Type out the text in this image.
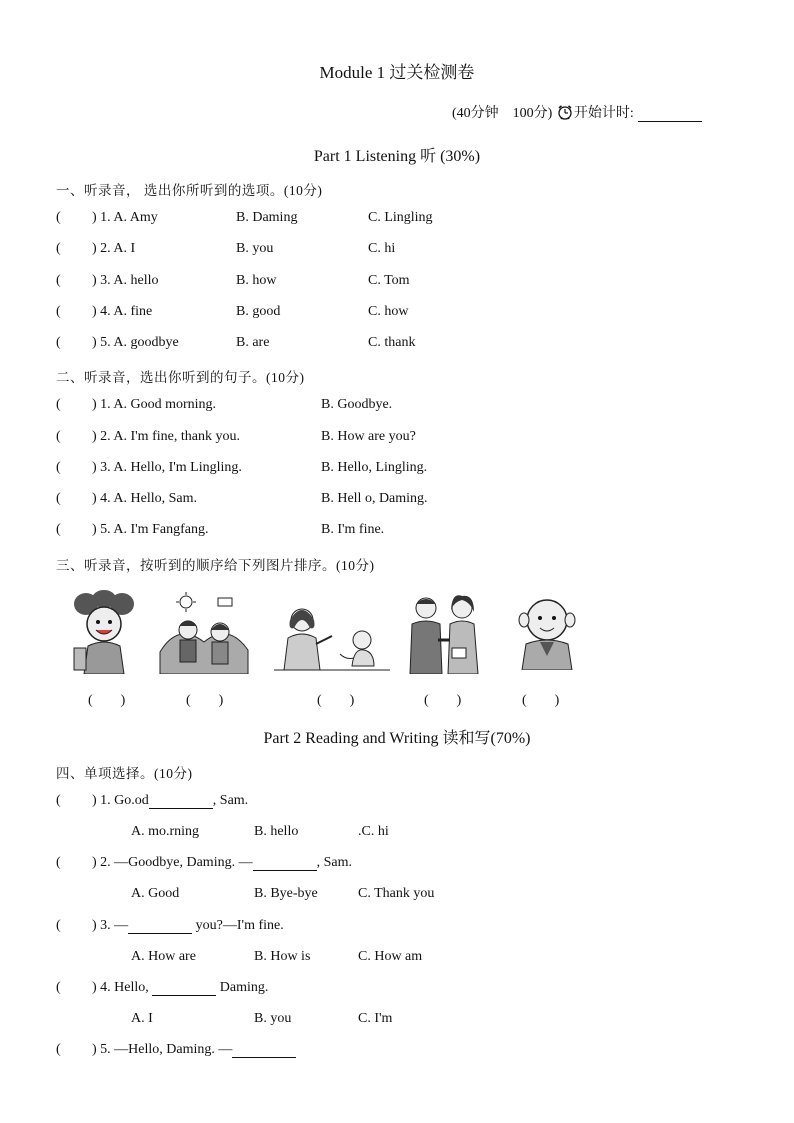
Module 1 过关检测卷
(40分钟　100分) 开始计时:
Part 1 Listening 听 (30%)
一、听录音， 选出你所听到的选项。(10分)
( ) 1. A. Amy	B. Daming	C. Lingling
( ) 2. A. I	B. you	C. hi
( ) 3. A. hello	B. how	C. Tom
( ) 4. A. fine	B. good	C. how
( ) 5. A. goodbye	B. are	C. thank
二、听录音，选出你听到的句子。(10分)
( ) 1. A. Good morning.	B. Goodbye.
( ) 2. A. I'm fine, thank you.	B. How are you?
( ) 3. A. Hello, I'm Lingling.	B. Hello, Lingling.
( ) 4. A. Hello, Sam.	B. Hell o, Daming.
( ) 5. A. I'm Fangfang.	B. I'm fine.
三、听录音，按听到的顺序给下列图片排序。(10分)
(　　)	(　　)	(　　)	(　　)	(　　)
Part 2 Reading and Writing 读和写(70%)
四、单项选择。(10分)
( ) 1. Go.od	, Sam.
A. mo.rning	B. hello	.C. hi
( ) 2. —Goodbye, Daming. —	, Sam.
A. Good	B. Bye-bye	C. Thank you
( ) 3. —	you?—I'm fine.
A. How are	B. How is	C. How am
( ) 4. Hello,	Daming.
A. I	B. you	C. I'm
( ) 5. —Hello, Daming. —
